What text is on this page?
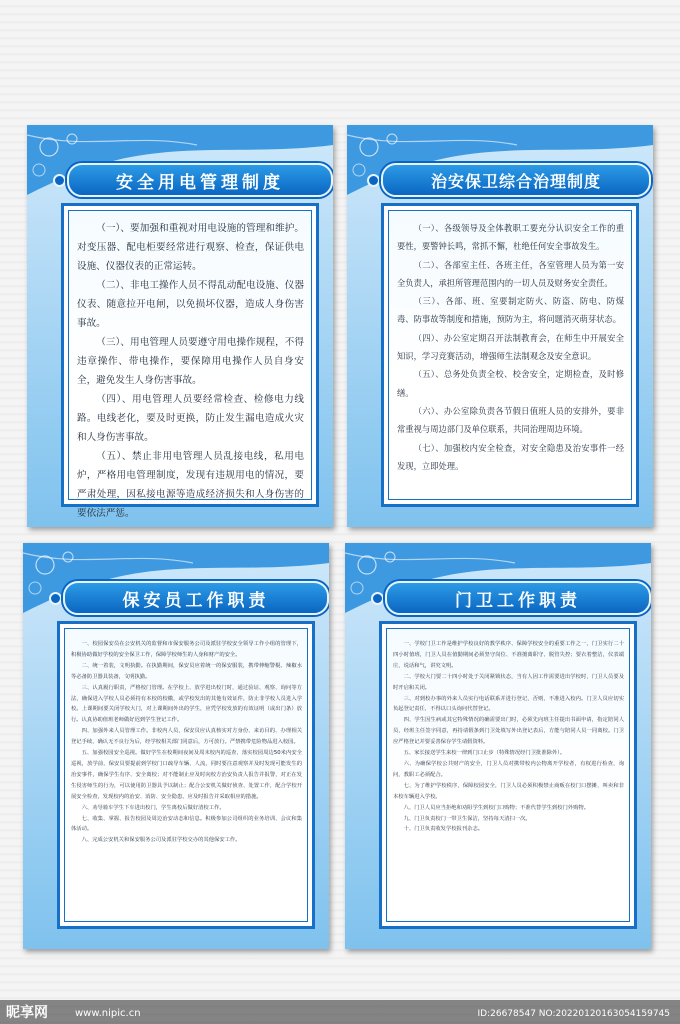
安全用电管理制度

（一）、要加强和重视对用电设施的管理和维护。对变压器、配电柜要经常进行观察、检查，保证供电设施、仪器仪表的正常运转。

（二）、非电工操作人员不得乱动配电设施、仪器仪表、随意拉开电闸，以免损坏仪器，造成人身伤害事故。

（三）、用电管理人员要遵守用电操作规程，不得违章操作、带电操作，要保障用电操作人员自身安全，避免发生人身伤害事故。

（四）、用电管理人员要经常检查、检修电力线路。电线老化，要及时更换，防止发生漏电造成火灾和人身伤害事故。

（五）、禁止非用电管理人员乱接电线，私用电炉，严格用电管理制度，发现有违规用电的情况，要严肃处理，因私接电源等造成经济损失和人身伤害的要依法严惩。

治安保卫综合治理制度

（一）、各级领导及全体教职工要充分认识安全工作的重要性，要警钟长鸣，常抓不懈，杜绝任何安全事故发生。

（二）、各部室主任、各班主任，各室管理人员为第一安全负责人，承担所管理范围内的一切人员及财务安全责任。

（三）、各部、班、室要制定防火、防盗、防电、防煤毒、防事故等制度和措施，预防为主，将问题消灭萌芽状态。

（四）、办公室定期召开法制教育会，在师生中开展安全知识，学习竞赛活动，增强师生法制观念及安全意识。

（五）、总务处负责全校、校舍安全，定期检查，及时修缮。

（六）、办公室除负责各节假日值班人员的安排外，要非常重视与周边部门及单位联系，共同治理周边环境。

（七）、加强校内安全检查，对安全隐患及治安事件一经发现，立即处理。

保安员工作职责

一、校园保安员在公安机关的监督和市保安服务公司及派驻学校安全领导工作小组的管理下，积极协助做好学校的安全保卫工作，保障学校师生的人身和财产的安全。

二、统一着装，文明执勤。在执勤期间，保安员应着统一的保安服装，携带伸缩警棍、辣椒水等必备防卫器具装备，文明执勤。

三、认真履行职责，严格校门管理。在学校上、放学进出校门时，通过验证、观察、询问等方法，确保进入学校人员必须持有本校的校徽，或学校发出的其他有效证件，防止非学校人员进入学校。上课期间要关闭学校大门，对上课期间外出的学生，应凭学校发放的有效证明（或出门条）放行。认真协助值班老师做好迟到学生登记工作。

四、加强外来人员管理工作。非校内人员，保安员应认真核实对方身份、来访目的、办理相关登记手续，确认无不良行为后，经学校相关部门同意后，方可放行。严禁携带危险物品进入校园。

五、加强校园安全巡视。做好学生在校期间夜间及周末校内的巡查，落实校园周边50米内安全巡视，放学前，保安员要提前到学校门口疏导车辆、人流，同时要注意观察并及时发现可能发生的治安事件，确保学生有序、安全离校；对不能制止应及时向校方治安负责人报告并报警，对正在发生侵害师生的行为，可以使用防卫器具予以制止；配合公安机关做好侦查、处置工作，配合学校开展安全检查，发现校内的治安、消防、安全隐患，应及时报告并采取相应的措施。

六、劝导骑车学生下车进出校门，学生离校后做好清校工作。

七、收集、掌握、报告校园及周边治安动态和信息。积极参加公司组织的业务培训、会议和集体活动。

八、完成公安机关和保安服务公司及派驻学校交办的其他保安工作。

门卫工作职责

一、学校门卫工作是维护学校良好的教学秩序、保障学校安全的重要工作之一，门卫实行二十四小时值班，门卫人员在值勤期间必须坚守岗位、不准擅离职守、脱管失控；要衣着整洁，仪表端庄，说话和气，讲究文明。

二、学校大门要二十四小时处于关闭紧锁状态，当有人因工作需要进出学校时，门卫人员要及时开启和关闭。

三、对到校办事的外来人员实行电话联系并进行登记，否则，不准进入校内。门卫人员应切实负起登记责任，不得以口头询问代替登记。

四、学生因生病或其它特殊情况的确需要出门时，必须先向班主任提出书面申请，指定陪同人员，经班主任签字同意，再持请假条到门卫处填写外出登记表后，方能与陪同人员一同离校。门卫应严格登记并要妥善保存学生请假资料。

五、家长接送学生来校一律到门口止步（特殊情况经门卫批准除外）。

六、为确保学校公共财产的安全，门卫人员对携带校内公物离开学校者，有权进行检查，询问，教职工必须配合。

七、为了维护学校秩序，保障校园安全，门卫人员必须积极禁止商贩在校门口摆摊、叫卖和非本校车辆进入学校。

八、门卫人员应当拒绝和劝阻学生到校门口购物；不准代替学生到校门外购物。

九、门卫负责校门一带卫生保洁，坚持每天清扫一次。

十、门卫负责收发学校报刊杂志。

昵享网	www.nipic.cn	ID:26678547 NO:20220120163054159745
